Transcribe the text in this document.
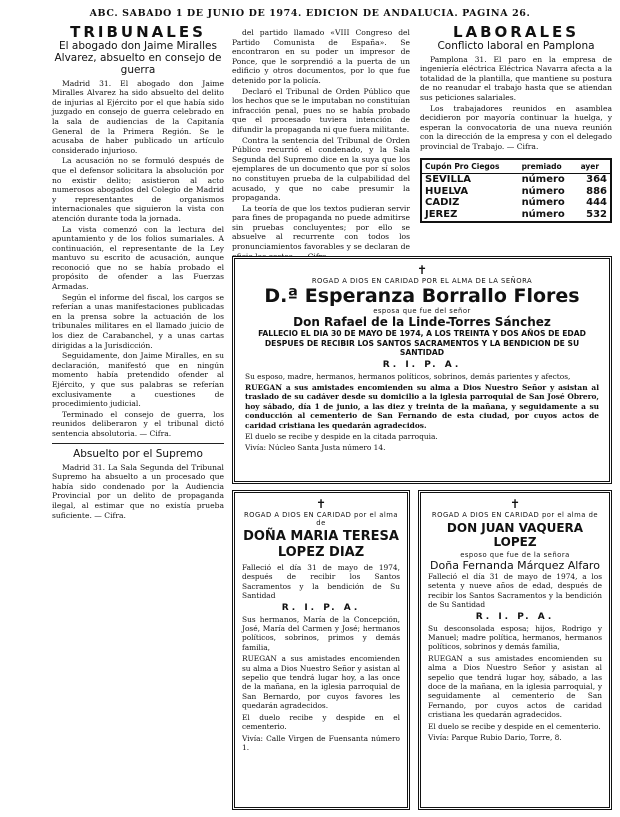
ABC. SABADO 1 DE JUNIO DE 1974. EDICION DE ANDALUCIA. PAGINA 26.
TRIBUNALES
El abogado don Jaime Miralles Alvarez, absuelto en consejo de guerra

Madrid 31. El abogado don Jaime Miralles Alvarez ha sido absuelto del delito de injurias al Ejército por el que había sido juzgado en consejo de guerra celebrado en la sala de audiencias de la Capitanía General de la Primera Región. Se le acusaba de haber publicado un artículo considerado injurioso.

La acusación no se formuló después de que el defensor solicitara la absolución por no existir delito; asistieron al acto numerosos abogados del Colegio de Madrid y representantes de organismos internacionales que siguieron la vista con atención durante toda la jornada.

La vista comenzó con la lectura del apuntamiento y de los folios sumariales. A continuación, el representante de la Ley mantuvo su escrito de acusación, aunque reconoció que no se había probado el propósito de ofender a las Fuerzas Armadas.

Según el informe del fiscal, los cargos se referían a unas manifestaciones publicadas en la prensa sobre la actuación de los tribunales militares en el llamado juicio de los diez de Carabanchel, y a unas cartas dirigidas a la Jurisdicción.

Seguidamente, don Jaime Miralles, en su declaración, manifestó que en ningún momento había pretendido ofender al Ejército, y que sus palabras se referían exclusivamente a cuestiones de procedimiento judicial.

Terminado el consejo de guerra, los reunidos deliberaron y el tribunal dictó sentencia absolutoria. — Cifra.

Absuelto por el Supremo

Madrid 31. La Sala Segunda del Tribunal Supremo ha absuelto a un procesado que había sido condenado por la Audiencia Provincial por un delito de propaganda ilegal, al estimar que no existía prueba suficiente. — Cifra.

del partido llamado «VIII Congreso del Partido Comunista de España». Se encontraron en su poder un impresor de Ponce, que le sorprendió a la puerta de un edificio y otros documentos, por lo que fue detenido por la policía.

Declaró el Tribunal de Orden Público que los hechos que se le imputaban no constituían infracción penal, pues no se había probado que el procesado tuviera intención de difundir la propaganda ni que fuera militante.

Contra la sentencia del Tribunal de Orden Público recurrió el condenado, y la Sala Segunda del Supremo dice en la suya que los ejemplares de un documento que por sí solos no constituyen prueba de la culpabilidad del acusado, y que no cabe presumir la propaganda.

La teoría de que los textos pudieran servir para fines de propaganda no puede admitirse sin pruebas concluyentes; por ello se absuelve al recurrente con todos los pronunciamientos favorables y se declaran de

LABORALES
Conflicto laboral en Pamplona

Pamplona 31. El paro en la empresa de ingeniería eléctrica Eléctrica Navarra afecta a la totalidad de la plantilla, que mantiene su postura de no reanudar el trabajo hasta que se atiendan sus peticiones salariales.

Los trabajadores reunidos en asamblea decidieron por mayoría continuar la huelga, y esperan la convocatoria de una nueva reunión con la dirección de la empresa y con el delegado provincial de Trabajo. — Cifra.

Cupón Pro Ciegos	premiado	ayer
SEVILLA	número	364
HUELVA	número	886
CADIZ	número	444
JEREZ	número	532
✝
ROGAD A DIOS EN CARIDAD POR EL ALMA DE LA SEÑORA
D.ª Esperanza Borrallo Flores
esposa que fue del señor
Don Rafael de la Linde-Torres Sánchez
FALLECIO EL DIA 30 DE MAYO DE 1974, A LOS TREINTA Y DOS AÑOS DE EDAD DESPUES DE RECIBIR LOS SANTOS SACRAMENTOS Y LA BENDICION DE SU SANTIDAD
R. I. P. A.

Su esposo, madre, hermanos, hermanos políticos, sobrinos, demás parientes y afectos,

RUEGAN a sus amistades encomienden su alma a Dios Nuestro Señor y asistan al traslado de su cadáver desde su domicilio a la iglesia parroquial de San José Obrero, hoy sábado, día 1 de junio, a las diez y treinta de la mañana, y seguidamente a su conducción al cementerio de San Fernando de esta ciudad, por cuyos actos de caridad cristiana les quedarán agradecidos.

El duelo se recibe y despide en la citada parroquia.

Vivía: Núcleo Santa Justa número 14.

✝
ROGAD A DIOS EN CARIDAD por el alma de
DOÑA MARIA TERESA LOPEZ DIAZ
Falleció el día 31 de mayo de 1974, después de recibir los Santos Sacramentos y la bendición de Su Santidad
R. I. P. A.

Sus hermanos, María de la Concepción, José, María del Carmen y José; hermanos políticos, sobrinos, primos y demás familia,

RUEGAN a sus amistades encomienden su alma a Dios Nuestro Señor y asistan al sepelio que tendrá lugar hoy, a las once de la mañana, en la iglesia parroquial de San Bernardo, por cuyos favores les quedarán agradecidos.

El duelo recibe y despide en el cementerio.

Vivía: Calle Virgen de Fuensanta número 1.

✝
ROGAD A DIOS EN CARIDAD por el alma de
DON JUAN VAQUERA LOPEZ
esposo que fue de la señora
Doña Fernanda Márquez Alfaro
Falleció el día 31 de mayo de 1974, a los setenta y nueve años de edad, después de recibir los Santos Sacramentos y la bendición de Su Santidad
R. I. P. A.

Su desconsolada esposa; hijos, Rodrigo y Manuel; madre política, hermanos, hermanos políticos, sobrinos y demás familia,

RUEGAN a sus amistades encomienden su alma a Dios Nuestro Señor y asistan al sepelio que tendrá lugar hoy, sábado, a las doce de la mañana, en la iglesia parroquial, y seguidamente al cementerio de San Fernando, por cuyos actos de caridad cristiana les quedarán agradecidos.

El duelo se recibe y despide en el cementerio.

Vivía: Parque Rubio Dario, Torre, 8.
